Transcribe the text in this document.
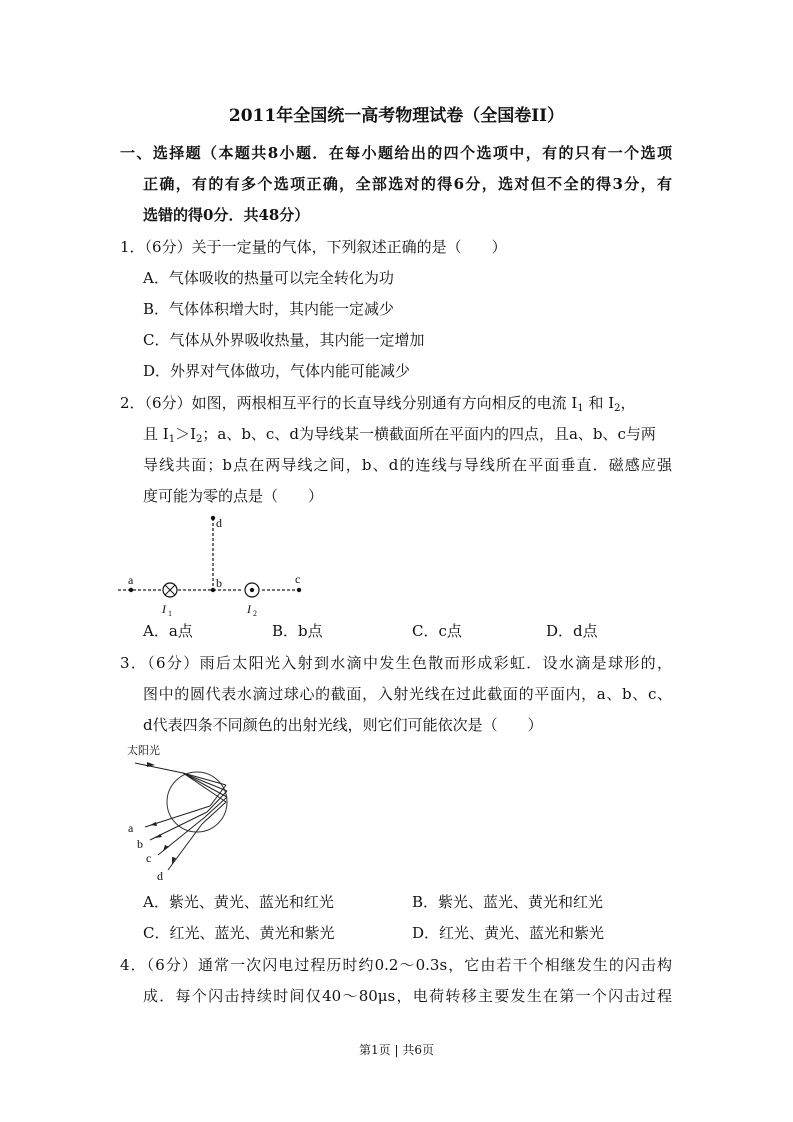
2011年全国统一高考物理试卷（全国卷II）
一、选择题（本题共8小题．在每小题给出的四个选项中，有的只有一个选项
正确，有的有多个选项正确，全部选对的得6分，选对但不全的得3分，有
选错的得0分．共48分）
1．（6分）关于一定量的气体，下列叙述正确的是（　　）
A．气体吸收的热量可以完全转化为功
B．气体体积增大时，其内能一定减少
C．气体从外界吸收热量，其内能一定增加
D．外界对气体做功，气体内能可能减少
2．（6分）如图，两根相互平行的长直导线分别通有方向相反的电流 $I_1$ 和 $I_2$，
且 $I_1>I_2$；a、b、c、d为导线某一横截面所在平面内的四点，且a、b、c与两
导线共面；b点在两导线之间，b、d的连线与导线所在平面垂直．磁感应强
度可能为零的点是（　　）
a	b	c
d
I 1	I 2
A．a点	B．b点	C．c点	D．d点
3．（6分）雨后太阳光入射到水滴中发生色散而形成彩虹．设水滴是球形的，
图中的圆代表水滴过球心的截面，入射光线在过此截面的平面内，a、b、c、
d代表四条不同颜色的出射光线，则它们可能依次是（　　）
太阳光
a
b
c
d
A．紫光、黄光、蓝光和红光	B．紫光、蓝光、黄光和红光
C．红光、蓝光、黄光和紫光	D．红光、黄光、蓝光和紫光
4．（6分）通常一次闪电过程历时约0.2～0.3s，它由若干个相继发生的闪击构
成．每个闪击持续时间仅40～80μs，电荷转移主要发生在第一个闪击过程
第1页 | 共6页
